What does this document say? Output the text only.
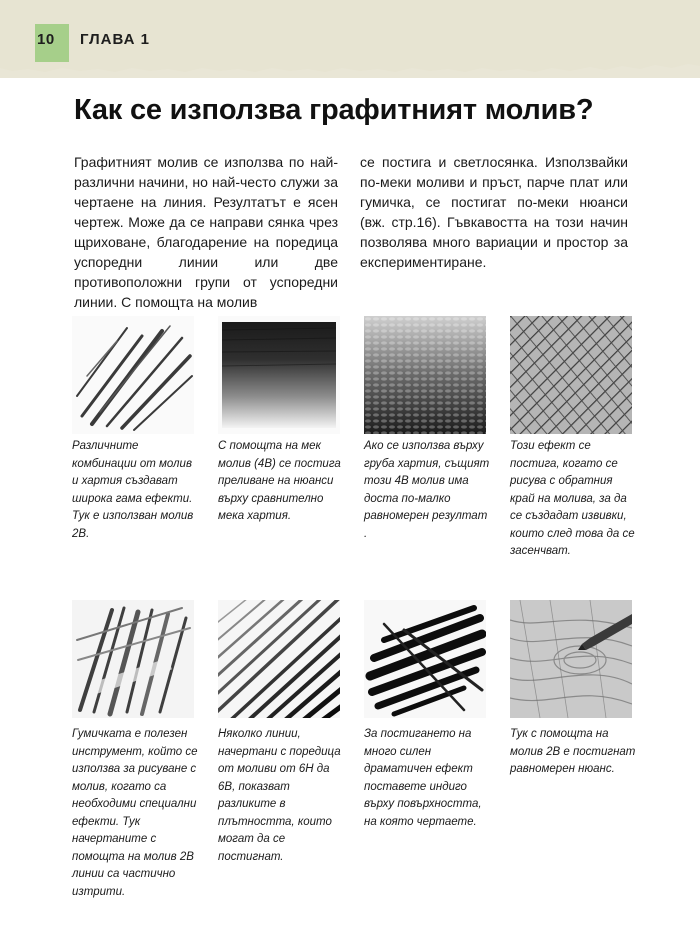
10 ГЛАВА 1
Как се използва графитният молив?
Графитният молив се използва по най-различни начини, но най-често служи за чертаене на линия. Резултатът е ясен чертеж. Може да се направи сянка чрез щриховане, благодарение на поредица успоредни линии или две противоположни групи от успоредни линии. С помощта на молив
се постига и светлосянка. Използвайки по-меки моливи и пръст, парче плат или гумичка, се постигат по-меки нюанси (вж. стр.16). Гъвкавостта на този начин позволява много вариации и простор за експериментиране.
Различните комбинации от молив и хартия създават широка гама ефекти. Тук е използван молив 2В.
С помощта на мек молив (4В) се постига преливане на нюанси върху сравнително мека хартия.
Ако се използва върху груба хартия, същият този 4В молив има доста по-малко равномерен резултат .
Този ефект се постига, когато се рисува с обратния край на молива, за да се създадат извивки, които след това да се засенчват.
Гумичката е полезен инструмент, който се използва за рисуване с молив, когато са необходими специални ефекти. Тук начертаните с помощта на молив 2В линии са частично изтрити.
Няколко линии, начертани с поредица от моливи от 6Н да 6В, показват разликите в плътността, които могат да се постигнат.
За постигането на много силен драматичен ефект поставете индиго върху повърхността, на която чертаете.
Тук с помощта на молив 2В е постигнат равномерен нюанс.
